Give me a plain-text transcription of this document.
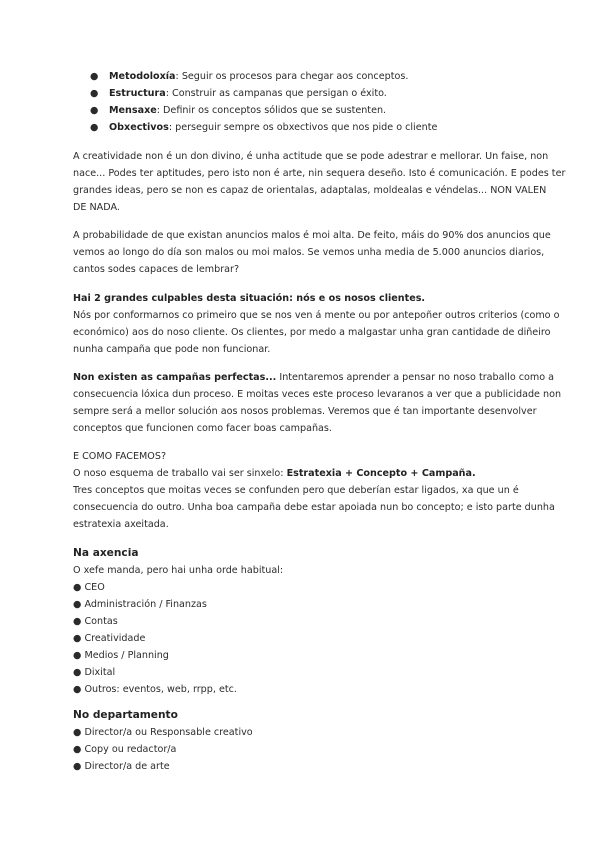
● Metodoloxía: Seguir os procesos para chegar aos conceptos.
● Estructura: Construir as campanas que persigan o éxito.
● Mensaxe: Definir os conceptos sólidos que se sustenten.
● Obxectivos: perseguir sempre os obxectivos que nos pide o cliente

A creatividade non é un don divino, é unha actitude que se pode adestrar e mellorar. Un faise, non

nace... Podes ter aptitudes, pero isto non é arte, nin sequera deseño. Isto é comunicación. E podes ter

grandes ideas, pero se non es capaz de orientalas, adaptalas, moldealas e véndelas... NON VALEN

DE NADA.

A probabilidade de que existan anuncios malos é moi alta. De feito, máis do 90% dos anuncios que

vemos ao longo do día son malos ou moi malos. Se vemos unha media de 5.000 anuncios diarios,

cantos sodes capaces de lembrar?

Hai 2 grandes culpables desta situación: nós e os nosos clientes.

Nós por conformarnos co primeiro que se nos ven á mente ou por antepoñer outros criterios (como o

económico) aos do noso cliente. Os clientes, por medo a malgastar unha gran cantidade de diñeiro

nunha campaña que pode non funcionar.

Non existen as campañas perfectas... Intentaremos aprender a pensar no noso traballo como a

consecuencia lóxica dun proceso. E moitas veces este proceso levaranos a ver que a publicidade non

sempre será a mellor solución aos nosos problemas. Veremos que é tan importante desenvolver

conceptos que funcionen como facer boas campañas.

E COMO FACEMOS?

O noso esquema de traballo vai ser sinxelo: Estratexia + Concepto + Campaña.

Tres conceptos que moitas veces se confunden pero que deberían estar ligados, xa que un é

consecuencia do outro. Unha boa campaña debe estar apoiada nun bo concepto; e isto parte dunha

estratexia axeitada.

Na axencia

O xefe manda, pero hai unha orde habitual:

● CEO

● Administración / Finanzas

● Contas

● Creatividade

● Medios / Planning

● Dixital

● Outros: eventos, web, rrpp, etc.

No departamento

● Director/a ou Responsable creativo

● Copy ou redactor/a

● Director/a de arte
